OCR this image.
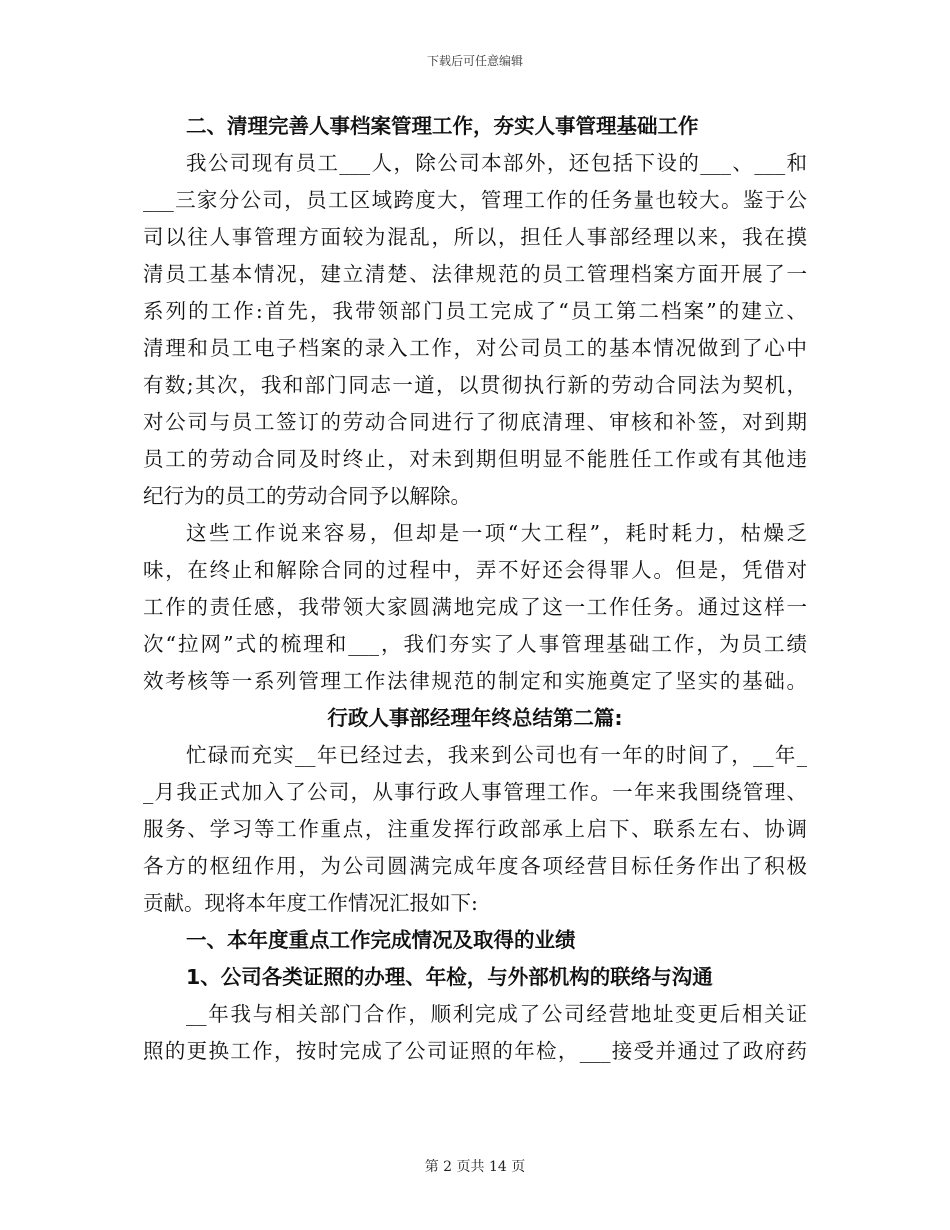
下载后可任意编辑
二、清理完善人事档案管理工作，夯实人事管理基础工作
我公司现有员工___人，除公司本部外，还包括下设的___、___和
___三家分公司，员工区域跨度大，管理工作的任务量也较大。鉴于公
司以往人事管理方面较为混乱，所以，担任人事部经理以来，我在摸
清员工基本情况，建立清楚、法律规范的员工管理档案方面开展了一
系列的工作:首先，我带领部门员工完成了“员工第二档案”的建立、
清理和员工电子档案的录入工作，对公司员工的基本情况做到了心中
有数;其次，我和部门同志一道，以贯彻执行新的劳动合同法为契机，
对公司与员工签订的劳动合同进行了彻底清理、审核和补签，对到期
员工的劳动合同及时终止，对未到期但明显不能胜任工作或有其他违
纪行为的员工的劳动合同予以解除。
这些工作说来容易，但却是一项“大工程”，耗时耗力，枯燥乏
味，在终止和解除合同的过程中，弄不好还会得罪人。但是，凭借对
工作的责任感，我带领大家圆满地完成了这一工作任务。通过这样一
次“拉网”式的梳理和___，我们夯实了人事管理基础工作，为员工绩
效考核等一系列管理工作法律规范的制定和实施奠定了坚实的基础。
行政人事部经理年终总结第二篇:
忙碌而充实__年已经过去，我来到公司也有一年的时间了，__年_
_月我正式加入了公司，从事行政人事管理工作。一年来我围绕管理、
服务、学习等工作重点，注重发挥行政部承上启下、联系左右、协调
各方的枢纽作用，为公司圆满完成年度各项经营目标任务作出了积极
贡献。现将本年度工作情况汇报如下:
一、本年度重点工作完成情况及取得的业绩
1、公司各类证照的办理、年检，与外部机构的联络与沟通
__年我与相关部门合作，顺利完成了公司经营地址变更后相关证
照的更换工作，按时完成了公司证照的年检，___接受并通过了政府药
第 2 页共 14 页
